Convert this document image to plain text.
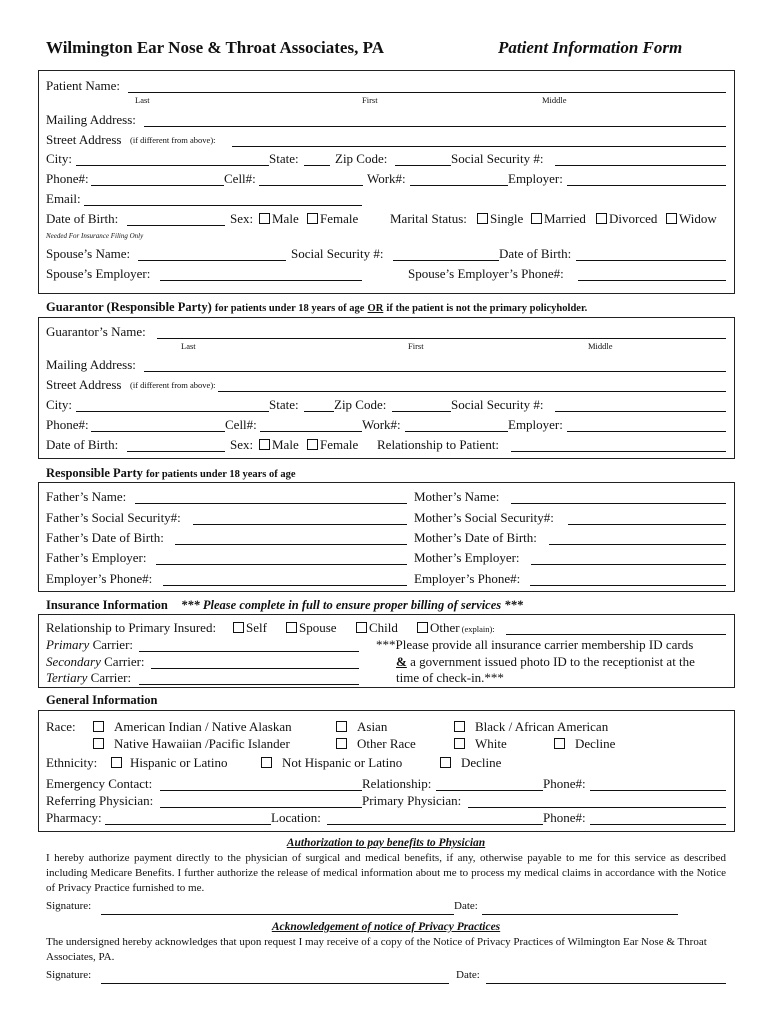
Wilmington Ear Nose & Throat Associates, PA	Patient Information Form
Patient Name:
Last	First	Middle
Mailing Address:
Street Address (if different from above):
City:	State:	Zip Code:	Social Security #:
Phone#:	Cell#:	Work#:	Employer:
Email:
Date of Birth:	Sex:	Male	Female Marital Status:	Single	Married	Divorced	Widow
Needed For Insurance Filing Only
Spouse’s Name:	Social Security #:	Date of Birth:
Spouse’s Employer:	Spouse’s Employer’s Phone#:
Guarantor (Responsible Party) for patients under 18 years of age OR if the patient is not the primary policyholder.
Guarantor’s Name:
Last	First	Middle
Mailing Address:
Street Address (if different from above):
City:	State:	Zip Code:	Social Security #:
Phone#:	Cell#:	Work#:	Employer:
Date of Birth:	Sex:	Male	Female Relationship to Patient:
Responsible Party for patients under 18 years of age
Father’s Name:	Mother’s Name:
Father’s Social Security#:	Mother’s Social Security#:
Father’s Date of Birth:	Mother’s Date of Birth:
Father’s Employer:	Mother’s Employer:
Employer’s Phone#:	Employer’s Phone#:
Insurance Information *** Please complete in full to ensure proper billing of services ***
Relationship to Primary Insured:	Self	Spouse	Child	Other (explain):
Primary Carrier:	***Please provide all insurance carrier membership ID cards
Secondary Carrier:	& a government issued photo ID to the receptionist at the
Tertiary Carrier:	time of check-in.***
General Information
Race:	American Indian / Native Alaskan	Asian	Black / African American
Native Hawaiian /Pacific Islander	Other Race	White	Decline
Ethnicity:	Hispanic or Latino	Not Hispanic or Latino	Decline
Emergency Contact:	Relationship:	Phone#:
Referring Physician:	Primary Physician:
Pharmacy:	Location:	Phone#:
Authorization to pay benefits to Physician
I hereby authorize payment directly to the physician of surgical and medical benefits, if any, otherwise payable to me for this service as described including Medicare Benefits. I further authorize the release of medical information about me to process my medical claims in accordance with the Notice of Privacy Practice furnished to me.
Signature:	Date:
Acknowledgement of notice of Privacy Practices
The undersigned hereby acknowledges that upon request I may receive of a copy of the Notice of Privacy Practices of Wilmington Ear Nose & Throat Associates, PA.
Signature:	Date:
